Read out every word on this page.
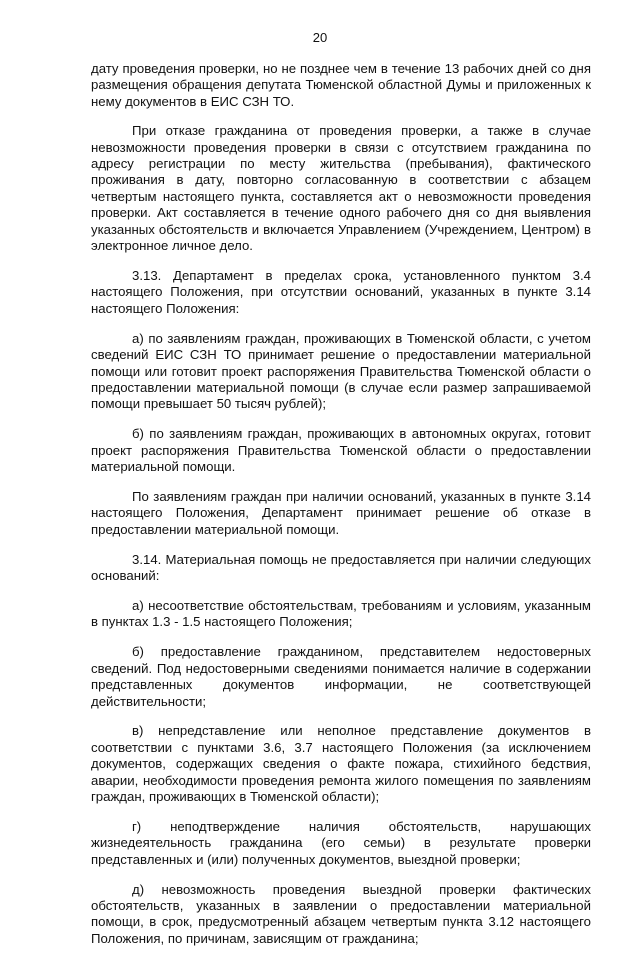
20

дату проведения проверки, но не позднее чем в течение 13 рабочих дней со дня размещения обращения депутата Тюменской областной Думы и приложенных к нему документов в ЕИС СЗН ТО.

При отказе гражданина от проведения проверки, а также в случае невозможности проведения проверки в связи с отсутствием гражданина по адресу регистрации по месту жительства (пребывания), фактического проживания в дату, повторно согласованную в соответствии с абзацем четвертым настоящего пункта, составляется акт о невозможности проведения проверки. Акт составляется в течение одного рабочего дня со дня выявления указанных обстоятельств и включается Управлением (Учреждением, Центром) в электронное личное дело.

3.13. Департамент в пределах срока, установленного пунктом 3.4 настоящего Положения, при отсутствии оснований, указанных в пункте 3.14 настоящего Положения:

а) по заявлениям граждан, проживающих в Тюменской области, с учетом сведений ЕИС СЗН ТО принимает решение о предоставлении материальной помощи или готовит проект распоряжения Правительства Тюменской области о предоставлении материальной помощи (в случае если размер запрашиваемой помощи превышает 50 тысяч рублей);

б) по заявлениям граждан, проживающих в автономных округах, готовит проект распоряжения Правительства Тюменской области о предоставлении материальной помощи.

По заявлениям граждан при наличии оснований, указанных в пункте 3.14 настоящего Положения, Департамент принимает решение об отказе в предоставлении материальной помощи.

3.14. Материальная помощь не предоставляется при наличии следующих оснований:

а) несоответствие обстоятельствам, требованиям и условиям, указанным в пунктах 1.3 - 1.5 настоящего Положения;

б) предоставление гражданином, представителем недостоверных сведений. Под недостоверными сведениями понимается наличие в содержании представленных документов информации, не соответствующей действительности;

в) непредставление или неполное представление документов в соответствии с пунктами 3.6, 3.7 настоящего Положения (за исключением документов, содержащих сведения о факте пожара, стихийного бедствия, аварии, необходимости проведения ремонта жилого помещения по заявлениям граждан, проживающих в Тюменской области);

г) неподтверждение наличия обстоятельств, нарушающих жизнедеятельность гражданина (его семьи) в результате проверки представленных и (или) полученных документов, выездной проверки;

д) невозможность проведения выездной проверки фактических обстоятельств, указанных в заявлении о предоставлении материальной помощи, в срок, предусмотренный абзацем четвертым пункта 3.12 настоящего Положения, по причинам, зависящим от гражданина;
